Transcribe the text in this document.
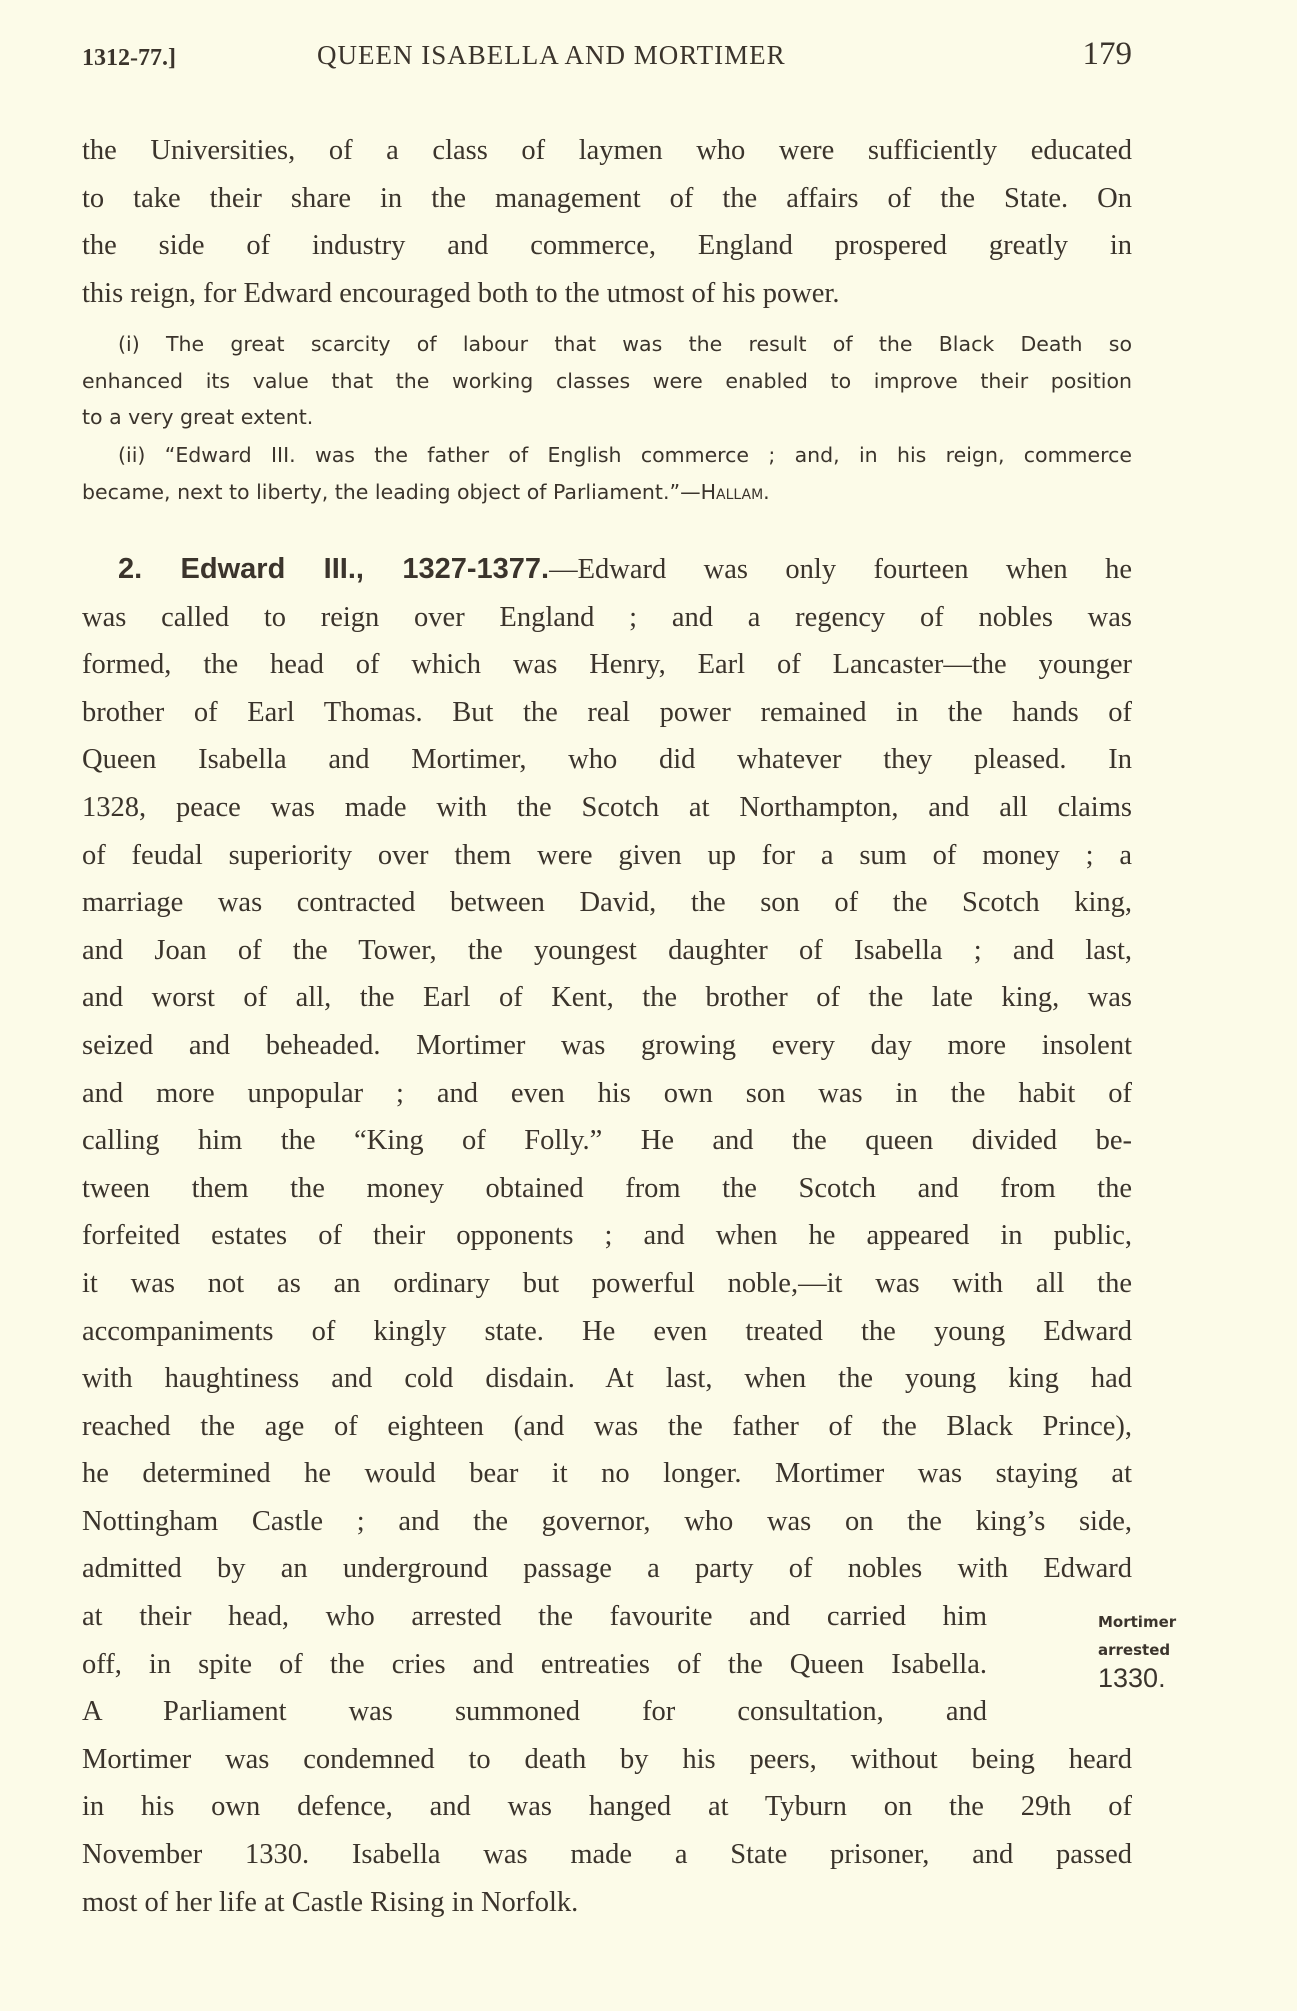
1312-77.]	QUEEN ISABELLA AND MORTIMER	179
the Universities, of a class of laymen who were sufficiently educated
to take their share in the management of the affairs of the State. On
the side of industry and commerce, England prospered greatly in
this reign, for Edward encouraged both to the utmost of his power.
(i) The great scarcity of labour that was the result of the Black Death so
enhanced its value that the working classes were enabled to improve their position
to a very great extent.
(ii) “Edward III. was the father of English commerce ; and, in his reign, commerce
became, next to liberty, the leading object of Parliament.”—Hallam.
2. Edward III., 1327-1377.—Edward was only fourteen when he
was called to reign over England ; and a regency of nobles was
formed, the head of which was Henry, Earl of Lancaster—the younger
brother of Earl Thomas. But the real power remained in the hands of
Queen Isabella and Mortimer, who did whatever they pleased. In
1328, peace was made with the Scotch at Northampton, and all claims
of feudal superiority over them were given up for a sum of money ; a
marriage was contracted between David, the son of the Scotch king,
and Joan of the Tower, the youngest daughter of Isabella ; and last,
and worst of all, the Earl of Kent, the brother of the late king, was
seized and beheaded. Mortimer was growing every day more insolent
and more unpopular ; and even his own son was in the habit of
calling him the “King of Folly.” He and the queen divided be-
tween them the money obtained from the Scotch and from the
forfeited estates of their opponents ; and when he appeared in public,
it was not as an ordinary but powerful noble,—it was with all the
accompaniments of kingly state. He even treated the young Edward
with haughtiness and cold disdain. At last, when the young king had
reached the age of eighteen (and was the father of the Black Prince),
he determined he would bear it no longer. Mortimer was staying at
Nottingham Castle ; and the governor, who was on the king’s side,
admitted by an underground passage a party of nobles with Edward
at their head, who arrested the favourite and carried him
off, in spite of the cries and entreaties of the Queen Isabella.
A Parliament was summoned for consultation, and
Mortimer was condemned to death by his peers, without being heard
in his own defence, and was hanged at Tyburn on the 29th of
November 1330. Isabella was made a State prisoner, and passed
most of her life at Castle Rising in Norfolk.
Mortimer
arrested
1330.
